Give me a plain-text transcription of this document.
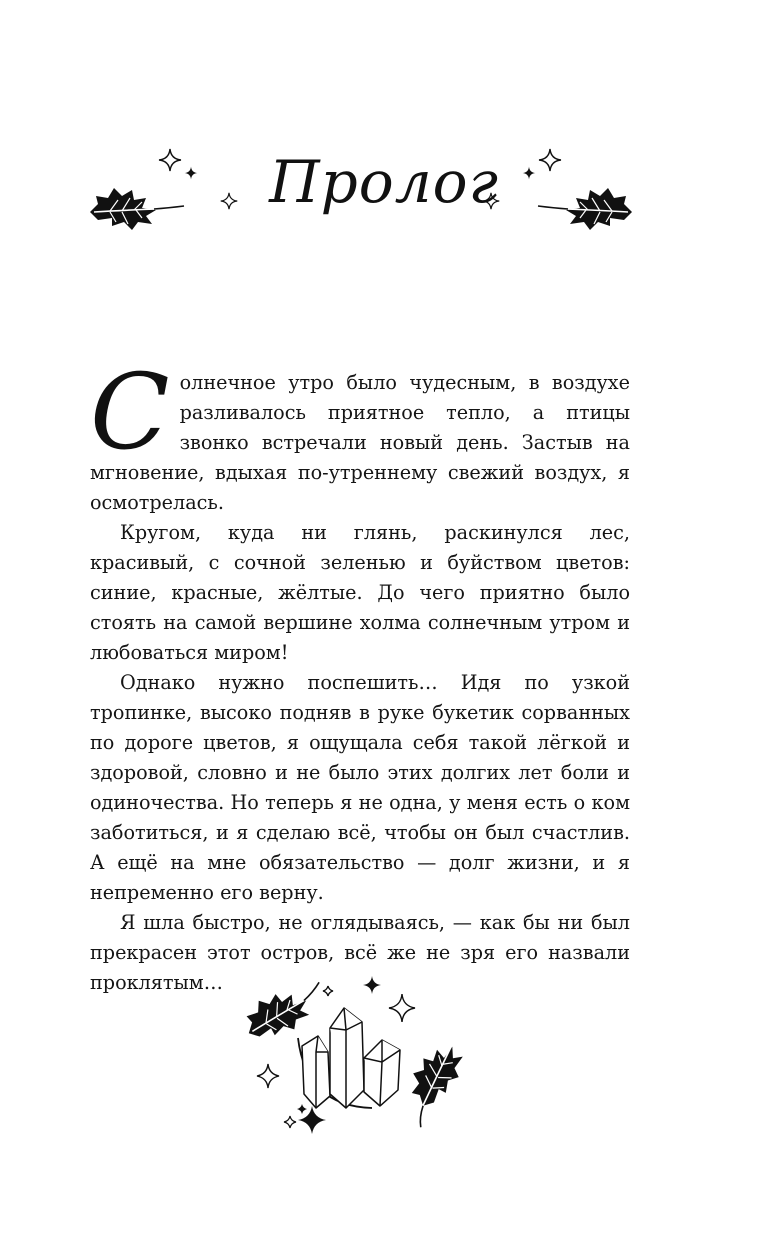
Пролог

Солнечное утро было чудесным, в воздухе разливалось приятное тепло, а птицы звонко встречали новый день. Застыв на мгновение, вдыхая по-утреннему свежий воздух, я осмотрелась.

Кругом, куда ни глянь, раскинулся лес, красивый, с сочной зеленью и буйством цветов: синие, красные, жёлтые. До чего приятно было стоять на самой вершине холма солнечным утром и любоваться миром!

Однако нужно поспешить… Идя по узкой тропинке, высоко подняв в руке букетик сорванных по дороге цветов, я ощущала себя такой лёгкой и здоровой, словно и не было этих долгих лет боли и одиночества. Но теперь я не одна, у меня есть о ком заботиться, и я сделаю всё, чтобы он был счастлив. А ещё на мне обязательство — долг жизни, и я непременно его верну.

Я шла быстро, не оглядываясь, — как бы ни был прекрасен этот остров, всё же не зря его назвали проклятым…
